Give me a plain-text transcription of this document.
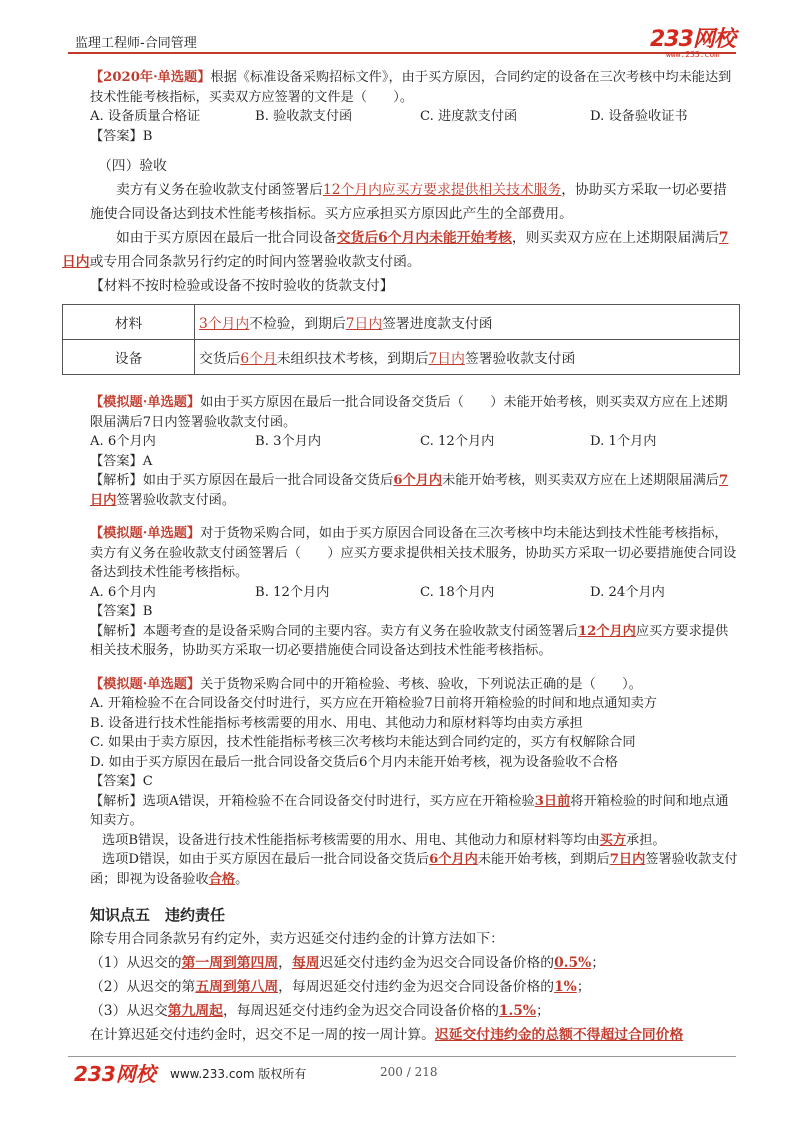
监理工程师-合同管理	233网校
www.233.com
【2020年·单选题】根据《标准设备采购招标文件》，由于买方原因，合同约定的设备在三次考核中均未能达到技术性能考核指标，买卖双方应签署的文件是（　　）。
A. 设备质量合格证	B. 验收款支付函	C. 进度款支付函	D. 设备验收证书
【答案】B
（四）验收
卖方有义务在验收款支付函签署后12个月内应买方要求提供相关技术服务，协助买方采取一切必要措施使合同设备达到技术性能考核指标。买方应承担买方原因此产生的全部费用。
如由于买方原因在最后一批合同设备交货后6个月内未能开始考核，则买卖双方应在上述期限届满后7日内或专用合同条款另行约定的时间内签署验收款支付函。
【材料不按时检验或设备不按时验收的货款支付】
材料	3个月内不检验，到期后7日内签署进度款支付函
设备	交货后6个月未组织技术考核，到期后7日内签署验收款支付函
【模拟题·单选题】如由于买方原因在最后一批合同设备交货后（　　）未能开始考核，则买卖双方应在上述期限届满后7日内签署验收款支付函。
A. 6个月内	B. 3个月内	C. 12个月内	D. 1个月内
【答案】A
【解析】如由于买方原因在最后一批合同设备交货后6个月内未能开始考核，则买卖双方应在上述期限届满后7日内签署验收款支付函。
【模拟题·单选题】对于货物采购合同，如由于买方原因合同设备在三次考核中均未能达到技术性能考核指标，卖方有义务在验收款支付函签署后（　　）应买方要求提供相关技术服务，协助买方采取一切必要措施使合同设备达到技术性能考核指标。
A. 6个月内	B. 12个月内	C. 18个月内	D. 24个月内
【答案】B
【解析】本题考查的是设备采购合同的主要内容。卖方有义务在验收款支付函签署后12个月内应买方要求提供相关技术服务，协助买方采取一切必要措施使合同设备达到技术性能考核指标。
【模拟题·单选题】关于货物采购合同中的开箱检验、考核、验收，下列说法正确的是（　　）。
A. 开箱检验不在合同设备交付时进行，买方应在开箱检验7日前将开箱检验的时间和地点通知卖方
B. 设备进行技术性能指标考核需要的用水、用电、其他动力和原材料等均由卖方承担
C. 如果由于卖方原因，技术性能指标考核三次考核均未能达到合同约定的，买方有权解除合同
D. 如由于买方原因在最后一批合同设备交货后6个月内未能开始考核，视为设备验收不合格
【答案】C
【解析】选项A错误，开箱检验不在合同设备交付时进行，买方应在开箱检验3日前将开箱检验的时间和地点通知卖方。
选项B错误，设备进行技术性能指标考核需要的用水、用电、其他动力和原材料等均由买方承担。
选项D错误，如由于买方原因在最后一批合同设备交货后6个月内未能开始考核，到期后7日内签署验收款支付函；即视为设备验收合格。
知识点五　违约责任
除专用合同条款另有约定外，卖方迟延交付违约金的计算方法如下：
（1）从迟交的第一周到第四周，每周迟延交付违约金为迟交合同设备价格的0.5%；
（2）从迟交的第五周到第八周，每周迟延交付违约金为迟交合同设备价格的1%；
（3）从迟交第九周起，每周迟延交付违约金为迟交合同设备价格的1.5%；
在计算迟延交付违约金时，迟交不足一周的按一周计算。迟延交付违约金的总额不得超过合同价格
233网校 www.233.com 版权所有	200 / 218
